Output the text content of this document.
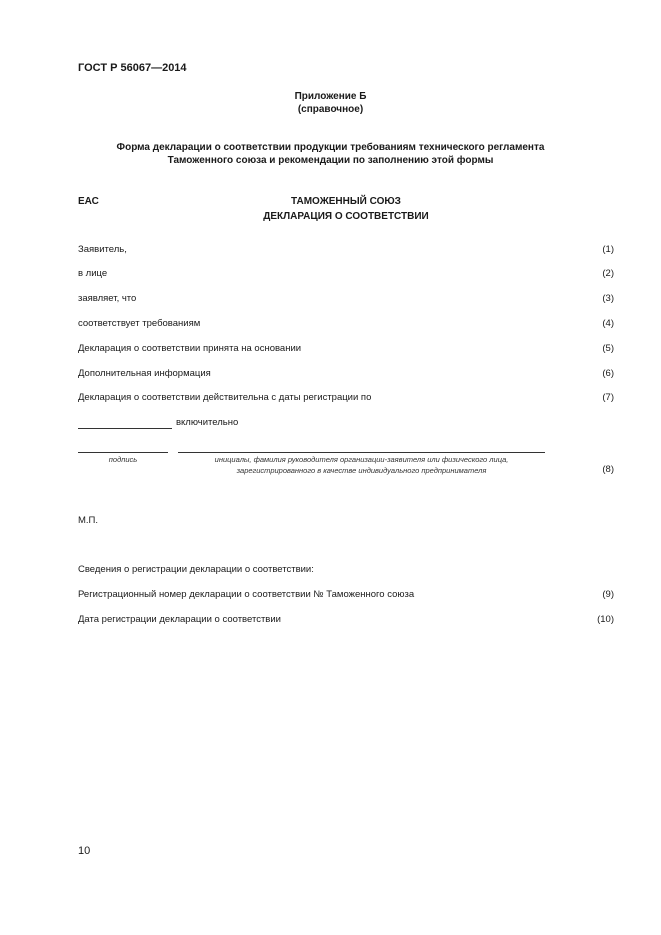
ГОСТ Р 56067—2014
Приложение Б
(справочное)
Форма декларации о соответствии продукции требованиям технического регламента
Таможенного союза и рекомендации по заполнению этой формы
ЕАС	ТАМОЖЕННЫЙ СОЮЗ
ДЕКЛАРАЦИЯ О СООТВЕТСТВИИ
Заявитель,	(1)
в лице	(2)
заявляет, что	(3)
соответствует требованиям	(4)
Декларация о соответствии принята на основании	(5)
Дополнительная информация	(6)
Декларация о соответствии действительна с даты регистрации по	(7)
включительно
подпись	инициалы, фамилия руководителя организации-заявителя или физического лица,
зарегистрированного в качестве индивидуального предпринимателя	(8)
М.П.
Сведения о регистрации декларации о соответствии:
Регистрационный номер декларации о соответствии № Таможенного союза	(9)
Дата регистрации декларации о соответствии	(10)
10
